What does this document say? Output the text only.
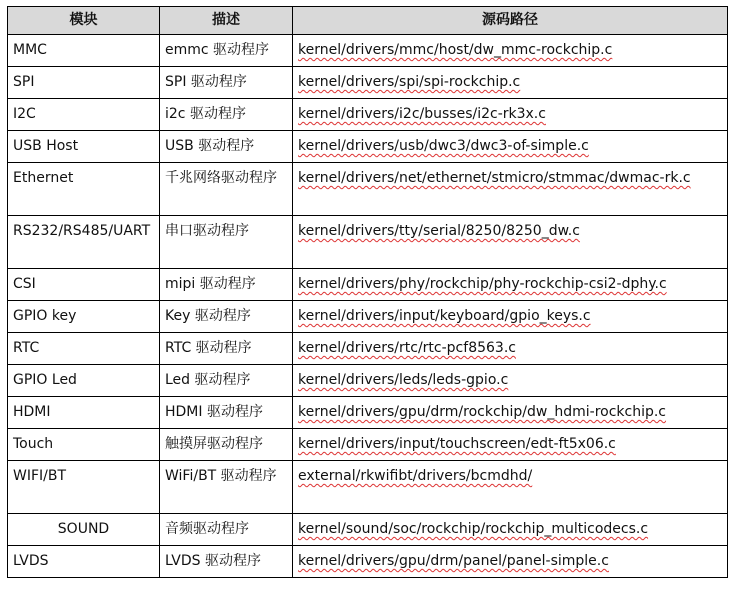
模块	描述	源码路径
MMC	emmc 驱动程序	kernel/drivers/mmc/host/dw_mmc-rockchip.c
SPI	SPI 驱动程序	kernel/drivers/spi/spi-rockchip.c
I2C	i2c 驱动程序	kernel/drivers/i2c/busses/i2c-rk3x.c
USB Host	USB 驱动程序	kernel/drivers/usb/dwc3/dwc3-of-simple.c
Ethernet	千兆网络驱动程序	kernel/drivers/net/ethernet/stmicro/stmmac/dwmac-rk.c
RS232/RS485/UART	串口驱动程序	kernel/drivers/tty/serial/8250/8250_dw.c
CSI	mipi 驱动程序	kernel/drivers/phy/rockchip/phy-rockchip-csi2-dphy.c
GPIO key	Key 驱动程序	kernel/drivers/input/keyboard/gpio_keys.c
RTC	RTC 驱动程序	kernel/drivers/rtc/rtc-pcf8563.c
GPIO Led	Led 驱动程序	kernel/drivers/leds/leds-gpio.c
HDMI	HDMI 驱动程序	kernel/drivers/gpu/drm/rockchip/dw_hdmi-rockchip.c
Touch	触摸屏驱动程序	kernel/drivers/input/touchscreen/edt-ft5x06.c
WIFI/BT	WiFi/BT 驱动程序	external/rkwifibt/drivers/bcmdhd/
SOUND	音频驱动程序	kernel/sound/soc/rockchip/rockchip_multicodecs.c
LVDS	LVDS 驱动程序	kernel/drivers/gpu/drm/panel/panel-simple.c
